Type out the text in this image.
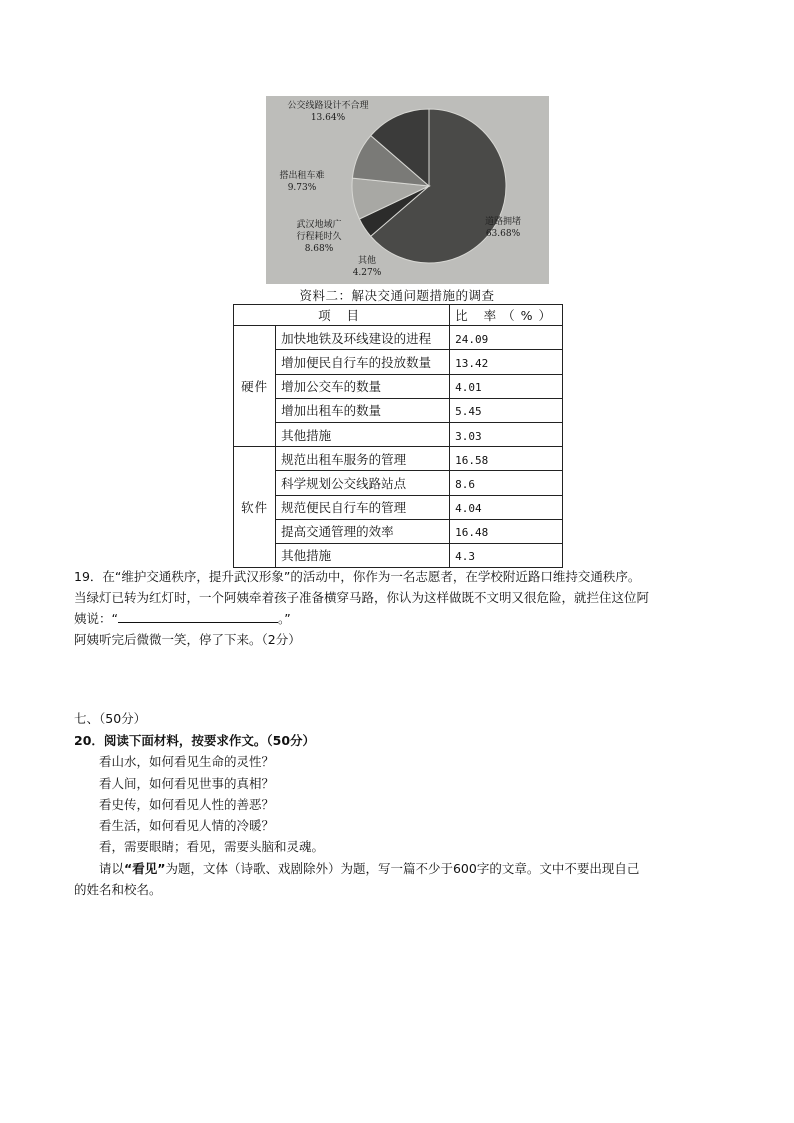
公交线路设计不合理
13.64%
搭出租车难
9.73%
武汉地域广
行程耗时久
8.68%
其他
4.27%
道路拥堵
63.68%
资料二：解决交通问题措施的调查
项 目		比 率（%）
硬件	加快地铁及环线建设的进程	24.09
	增加便民自行车的投放数量	13.42
	增加公交车的数量	4.01
	增加出租车的数量	5.45
	其他措施	3.03
软件	规范出租车服务的管理	16.58
	科学规划公交线路站点	8.6
	规范便民自行车的管理	4.04
	提高交通管理的效率	16.48
	其他措施	4.3
19．在“维护交通秩序，提升武汉形象”的活动中，你作为一名志愿者，在学校附近路口维持交通秩序。
当绿灯已转为红灯时，一个阿姨牵着孩子准备横穿马路，你认为这样做既不文明又很危险，就拦住这位阿
姨说：“	。”
阿姨听完后微微一笑，停了下来。（2分）
七、（50分）

20．阅读下面材料，按要求作文。（50分）

看山水，如何看见生命的灵性？

看人间，如何看见世事的真相？

看史传，如何看见人性的善恶？

看生活，如何看见人情的冷暖？

看，需要眼睛；看见，需要头脑和灵魂。

请以“看见”为题，文体（诗歌、戏剧除外）为题，写一篇不少于600字的文章。文中不要出现自己

的姓名和校名。
